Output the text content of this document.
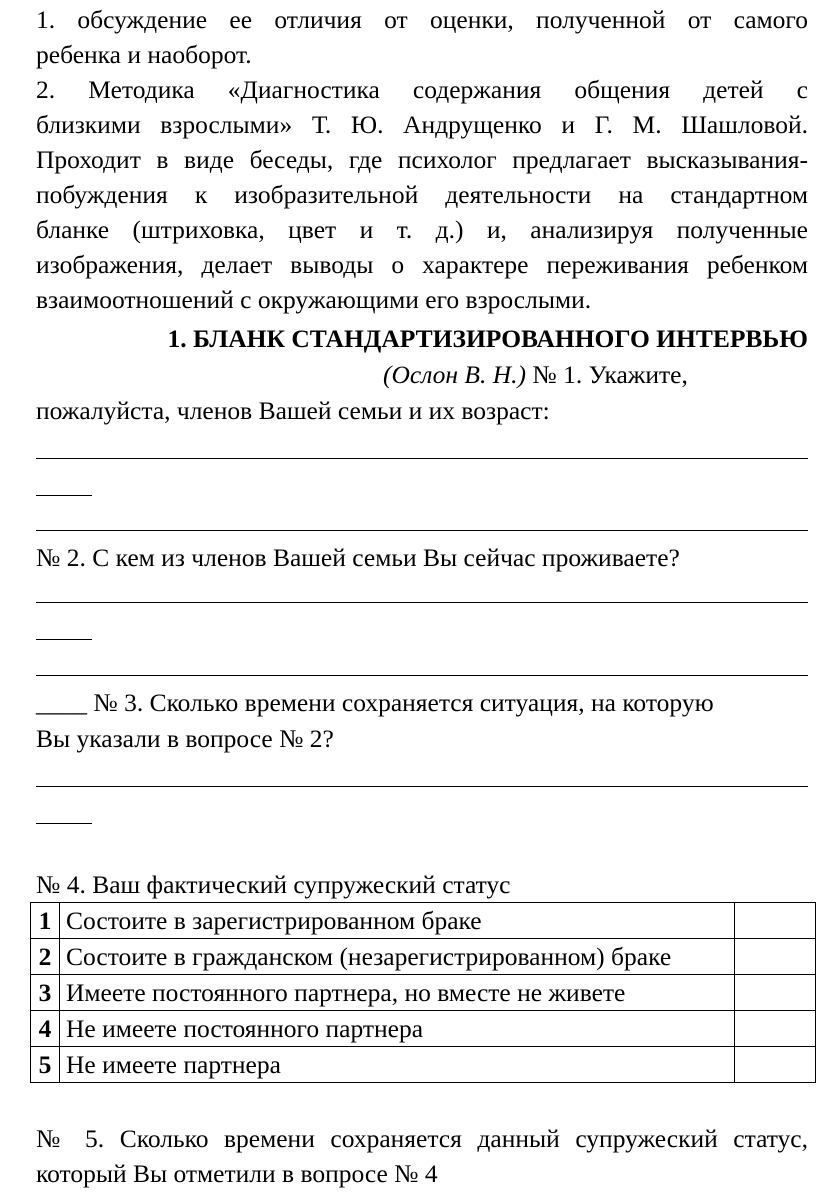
1. обсуждение ее отличия от оценки, полученной от самого
ребенка и наоборот.
2. Методика «Диагностика содержания общения детей с
близкими взрослыми» Т. Ю. Андрущенко и Г. М. Шашловой.
Проходит в виде беседы, где психолог предлагает высказывания-
побуждения к изобразительной деятельности на стандартном
бланке (штриховка, цвет и т. д.) и, анализируя полученные
изображения, делает выводы о характере переживания ребенком
взаимоотношений с окружающими его взрослыми.
1. БЛАНК СТАНДАРТИЗИРОВАННОГО ИНТЕРВЬЮ
(Ослон В. Н.) № 1. Укажите,
пожалуйста, членов Вашей семьи и их возраст:
№ 2. С кем из членов Вашей семьи Вы сейчас проживаете?
____ № 3. Сколько времени сохраняется ситуация, на которую
Вы указали в вопросе № 2?
№ 4. Ваш фактический супружеский статус
1	Состоите в зарегистрированном браке	
2	Состоите в гражданском (незарегистрированном) браке	
3	Имеете постоянного партнера, но вместе не живете	
4	Не имеете постоянного партнера	
5	Не имеете партнера	
№ 5. Сколько времени сохраняется данный супружеский статус,
который Вы отметили в вопросе № 4
